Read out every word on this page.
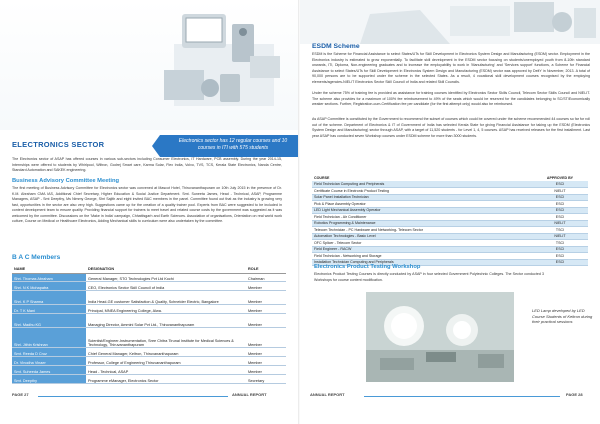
ELECTRONICS SECTOR	Electronics sector has 12 regular courses and 10 courses in ITI with 575 students

The Electronics sector of ASAP has offered courses in various sub-sectors including Consumer Electronics, IT Hardware, PCB assembly. During the year 2014-15, Internships were offered to students by Whirlpool, Wiltron, Godrej Smart care, Karma Solar, Flex India, Volvo, TVS, TCS, Kerala State Electronics, Nanda Centre, Standard Automation and SAKEK engineering.

Business Advisory Committee Meeting

The first meeting of Business Advisory Committee for Electronics sector was convened at Mascot Hotel, Thiruvananthapuram on 10th July 2015 in the presence of Dr. K.M. Abraham CMA IAS, Additional Chief Secretary, Higher Education & Social Justice Department. Smt. Suneeta James, Head - Technical, ASAP, Programme Managers, ASAP - Smt Deepthy, Ms Nimmy George, Shri Sajith and eight invited BAC members in the panel. Committee found out that as the industry is growing very fast, opportunities in the sector are also very high. Suggestions came up for the creation of a quality trainer pool. Experts from BAC were suggested to be included in content development team to ensure quality. Providing financial support for trainers to meet travel and related course costs by the government was suggested as it was welcomed by the committee. Discussions on the 'Make in India' campaign, Chhattisgarh and Earth Sciences. Association of organisations, Orientation on real world work culture, Course on Medical or Healthcare Electronics, Adding Mechanical skills to curriculum were also undertaken by the committee.

B A C Members
NAME	DESIGNATION	ROLE
Shri. Thomas Abraham	General Manager, STO Technologies Pvt Ltd Kochi	Chairman
Shri. N K Mohapatra	CEO, Electronics Sector Skill Council of India	Member
Shri. K P Sharma	India Head-GE customer Satisfaction & Quality, Schneider Electric, Bangalore	Member
Dr. T K Mani	Principal, MNEA Engineering College, Alwa.	Member
Shri. Madhu KG	Managing Director, Ammini Solar Pvt Ltd., Thiruvananthapuram	Member
Shri. Jithin Krishnan	Scientist/Engineer-Instrumentation, Sree Chitra Tirunal Institute for Medical Sciences & Technology, Thiruvananthapuram	Member
Smt. Reeda D Cruz	Chief General Manager, Keltron, Thiruvananthapuram	Member
Dr. Vinodha Vinaer	Professor, College of Engineering Thiruvananthapuram	Member
Smt. Suheeda James	Head - Technical, ASAP	Member
Smt. Deepthy	Programme eManager, Electronics Sector	Secretary
PAGE 27	ANNUAL REPORT
ESDM Scheme

ESDM is the Scheme for Financial Assistance to select States/UTs for Skill Development in Electronics System Design and Manufacturing (ESDM) sector. Employment in the Electronics industry is estimated to grow exponentially. To facilitate skill development in the ESDM sector focusing on students/unemployed youth from 8-10th standard onwards, ITI, Diploma, Non-engineering graduates and to increase the employability to work in 'Manufacturing' and 'Services support' functions, a Scheme for Financial Assistance to select States/UTs for Skill Development in Electronics System Design and Manufacturing (ESDM) sector was approved by DeitY in November, 2013. A total of 90,000 persons are to be supported under the scheme in the selected States. As a result, 4 vocational skill development courses recognised by the employing elements/agencies-NIELIT Electronics Sector Skill Council of India and related Skill Councils.

Under the scheme 75% of training fee is provided as assistance for training courses identified by Electronics Sector Skills Council, Telecom Sector Skills Council and NIELIT. The scheme also provides for a maximum of 100% fee reimbursement to 49% of the seats which would be reserved for the candidates belonging to SC/ST/Economically weaker sections. Further, Registration-cum-Certification fee per candidate (for the first attempt only) would also be reimbursed.

As ASAP Committee is constituted by the Government to recommend the subset of courses which could be covered under the scheme recommended 44 courses so far for roll out of the scheme. Department of Electronics & IT of Government of India has selected Kerala State for giving Financial Assistance for taking up the ESDM (Electronics System Design and Manufacturing) sector through ASAP, with a target of 11,520 students - for Level 1, 4, 5 courses. ASAP has received releases for the first installment. Last year ASAP has conducted seven Workshop courses under ESDM scheme for more than 3000 students.

COURSE	APPROVED BY
Field Technician Computing and Peripherals	ESCI
Certificate Course in Electronic Product Testing	NIELIT
Solar Panel Installation Technician	ESCI
Pick & Place Assembly Operator	ESCI
LED Light Mechanical Assembly Operator	ESCI
Field Technician - Air Conditioner	ESCI
Robotics Programming & Maintenance	NIELIT
Telecom Technician - PC Hardware and Networking- Telecom Sector	TSCI
Automation Technologies - Basic Level	NIELIT
OFC Splicer - Telecom Sector	TSCI
Field Engineer - RACW	ESCI
Field Technician - Networking and Storage	ESCI
Installation Technician Computing and Peripherals	ESCI
Electronics Product Testing Workshop

Electronics Product Testing Courses is directly conducted by ASAP in four selected Government Polytechnic Colleges. The Sector conducted 3 Workshops for course content modification.

LED Lamp developed by LED Course Students of Keltron during their practical sessions
ANNUAL REPORT	PAGE 28
